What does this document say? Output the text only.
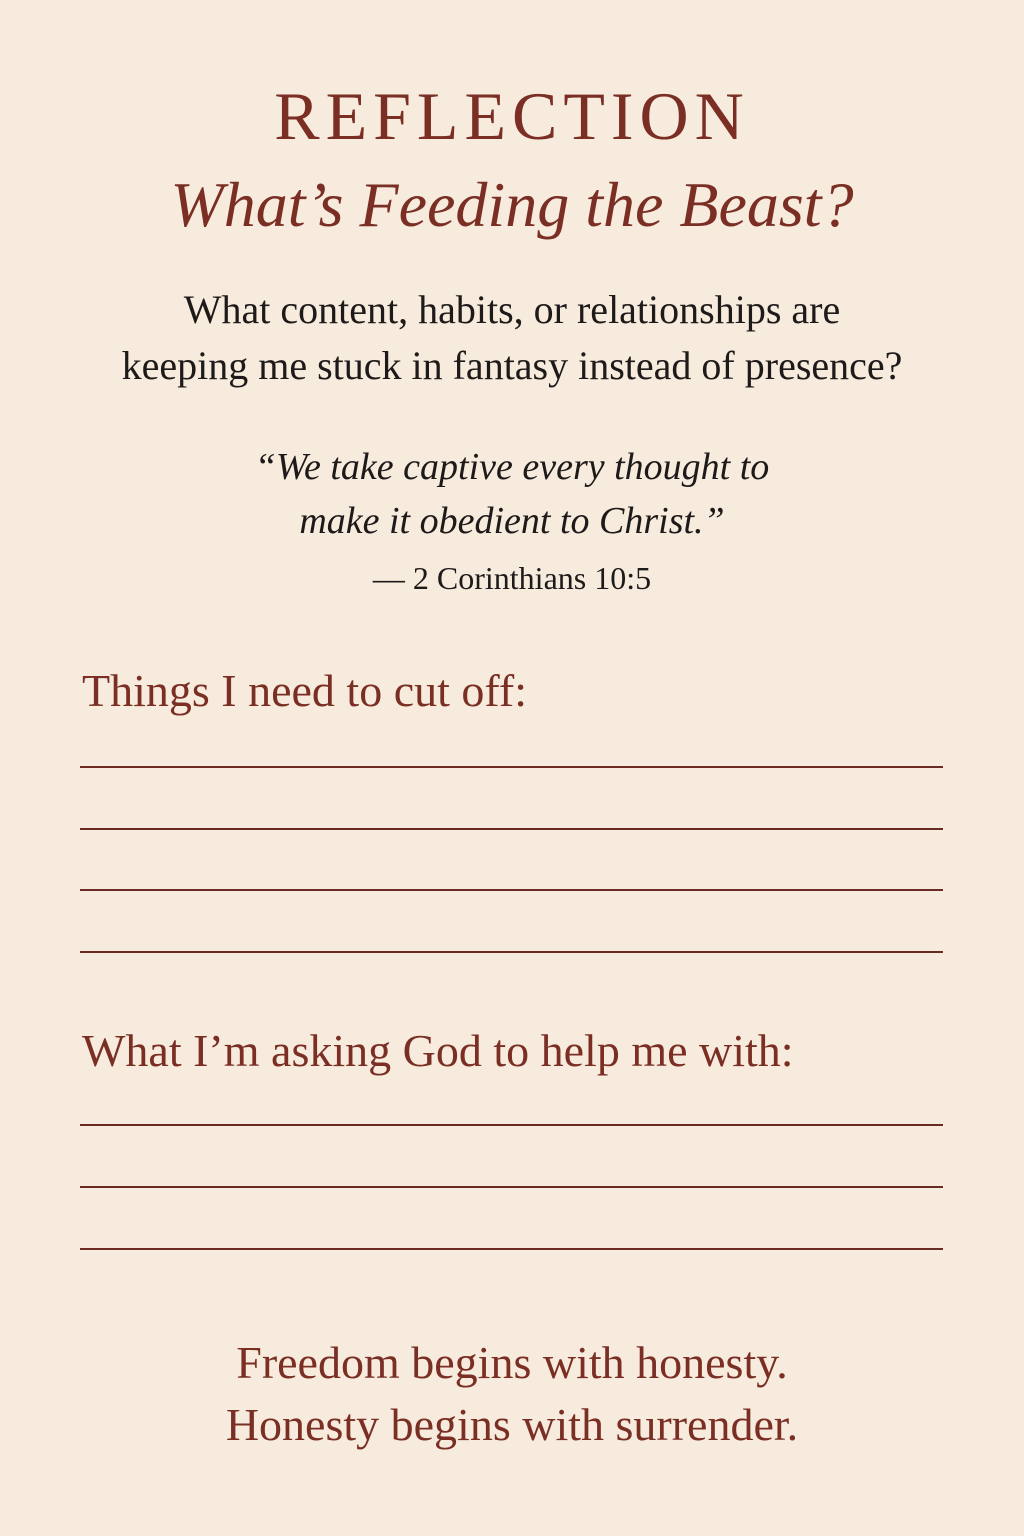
REFLECTION
What’s Feeding the Beast?
What content, habits, or relationships are
keeping me stuck in fantasy instead of presence?
“We take captive every thought to
make it obedient to Christ.”
— 2 Corinthians 10:5
Things I need to cut off:
What I’m asking God to help me with:
Freedom begins with honesty.
Honesty begins with surrender.
